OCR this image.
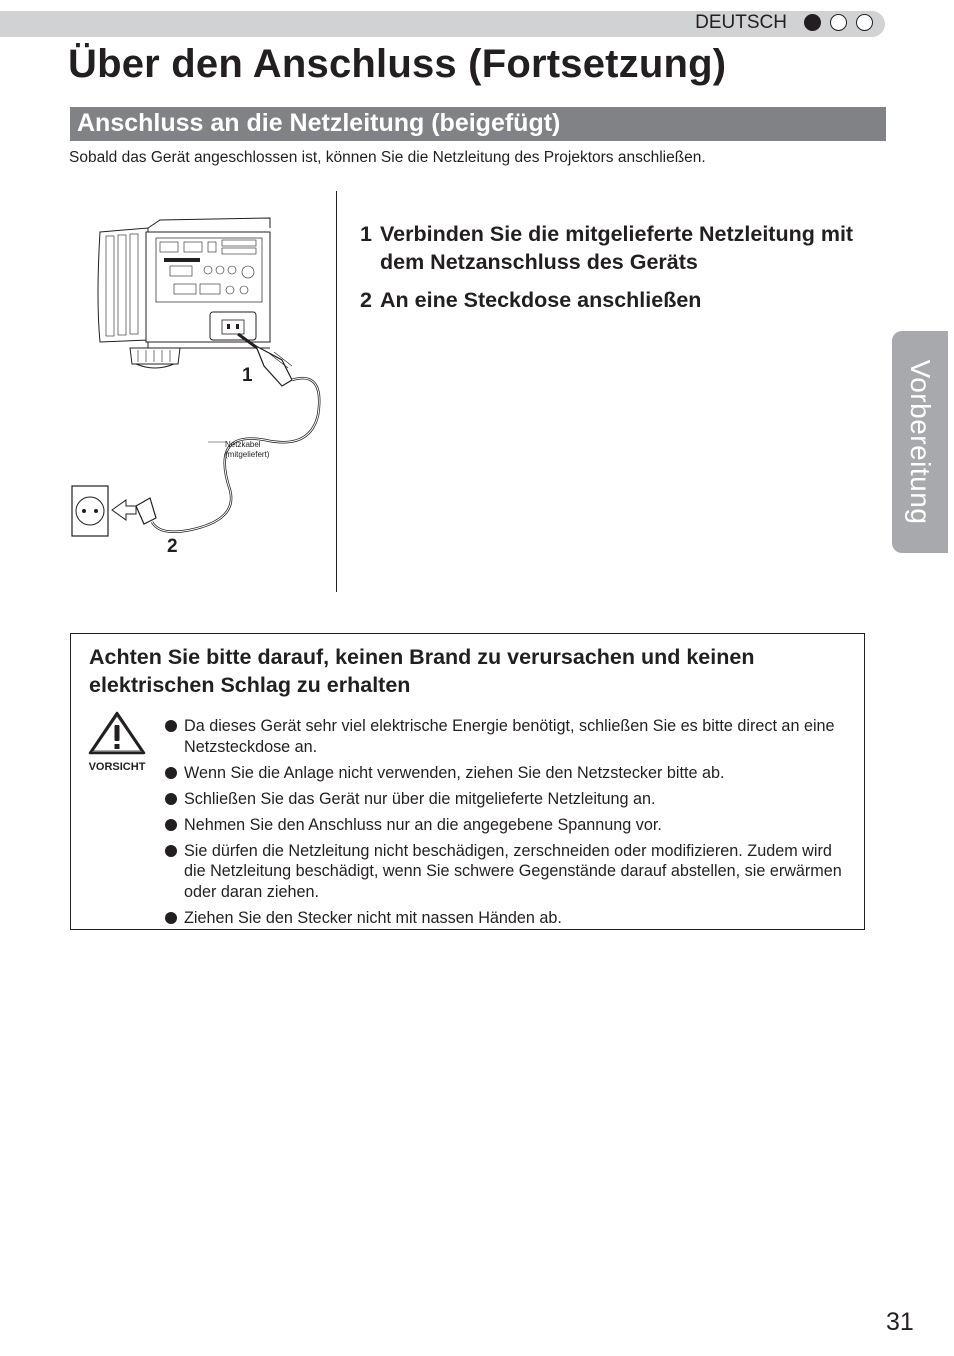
DEUTSCH
Über den Anschluss (Fortsetzung)
Anschluss an die Netzleitung (beigefügt)

Sobald das Gerät angeschlossen ist, können Sie die Netzleitung des Projektors anschließen.

1
2
Netzkabel
(mitgeliefert)
1 Verbinden Sie die mitgelieferte Netzleitung mit dem Netzanschluss des Geräts
2 An eine Steckdose anschließen
Vorbereitung
Achten Sie bitte darauf, keinen Brand zu verursachen und keinen elektrischen Schlag zu erhalten
VORSICHT
Da dieses Gerät sehr viel elektrische Energie benötigt, schließen Sie es bitte direct an eine Netzsteckdose an.
Wenn Sie die Anlage nicht verwenden, ziehen Sie den Netzstecker bitte ab.
Schließen Sie das Gerät nur über die mitgelieferte Netzleitung an.
Nehmen Sie den Anschluss nur an die angegebene Spannung vor.
Sie dürfen die Netzleitung nicht beschädigen, zerschneiden oder modifizieren. Zudem wird die Netzleitung beschädigt, wenn Sie schwere Gegenstände darauf abstellen, sie erwärmen oder daran ziehen.
Ziehen Sie den Stecker nicht mit nassen Händen ab.
31
